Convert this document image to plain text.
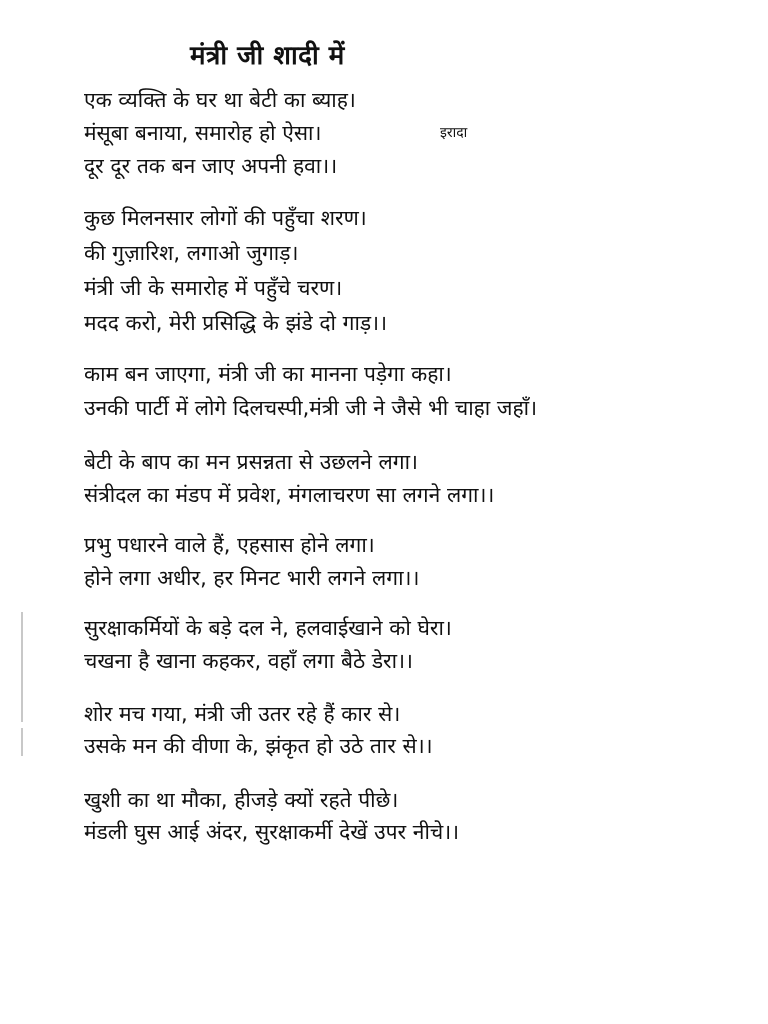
मंत्री जी शादी में
एक व्यक्ति के घर था बेटी का ब्याह।
मंसूबा बनाया, समारोह हो ऐसा।	इरादा
दूर दूर तक बन जाए अपनी हवा।।
कुछ मिलनसार लोगों की पहुँचा शरण।
की गुज़ारिश, लगाओ जुगाड़।
मंत्री जी के समारोह में पहुँचे चरण।
मदद करो, मेरी प्रसिद्धि के झंडे दो गाड़।।
काम बन जाएगा, मंत्री जी का मानना पड़ेगा कहा।
उनकी पार्टी में लोगे दिलचस्पी,मंत्री जी ने जैसे भी चाहा जहाँ।
बेटी के बाप का मन प्रसन्नता से उछलने लगा।
संत्रीदल का मंडप में प्रवेश, मंगलाचरण सा लगने लगा।।
प्रभु पधारने वाले हैं, एहसास होने लगा।
होने लगा अधीर, हर मिनट भारी लगने लगा।।
सुरक्षाकर्मियों के बड़े दल ने, हलवाईखाने को घेरा।
चखना है खाना कहकर, वहाँ लगा बैठे डेरा।।
शोर मच गया, मंत्री जी उतर रहे हैं कार से।
उसके मन की वीणा के, झंकृत हो उठे तार से।।
खुशी का था मौका, हीजड़े क्यों रहते पीछे।
मंडली घुस आई अंदर, सुरक्षाकर्मी देखें उपर नीचे।।
